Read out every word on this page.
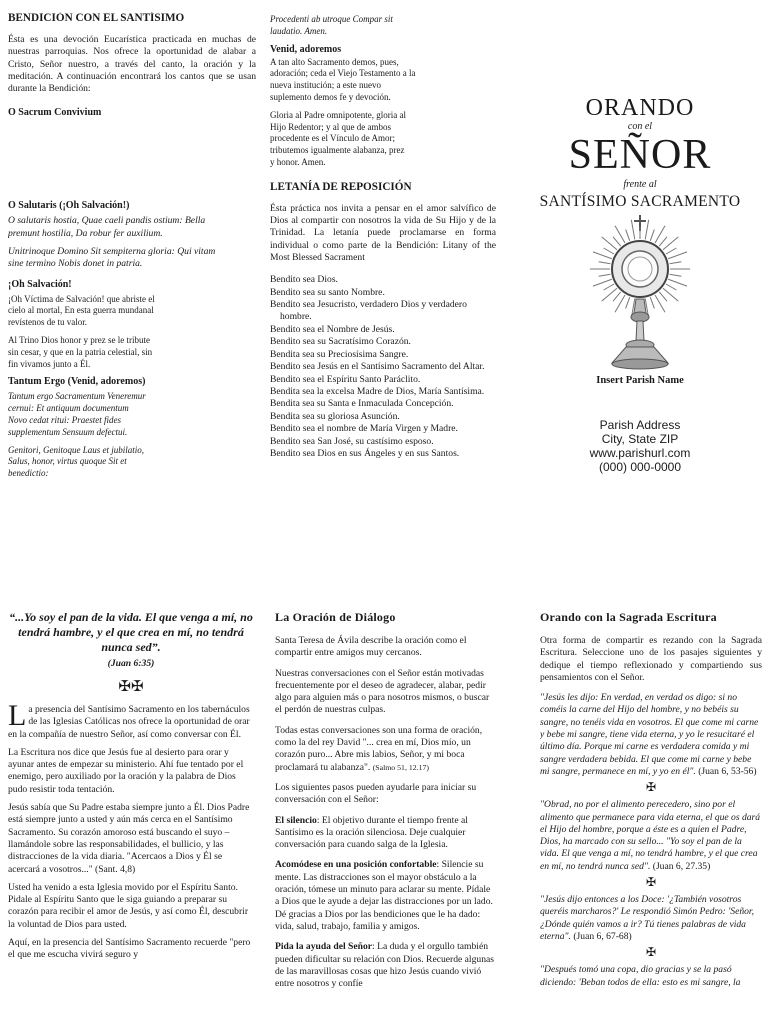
BENDICIÓN CON EL SANTÍSIMO

Ésta es una devoción Eucarística practicada en muchas de nuestras parroquias. Nos ofrece la oportunidad de alabar a Cristo, Señor nuestro, a través del canto, la oración y la meditación. A continuación encontrará los cantos que se usan durante la Bendición:

O Sacrum Convivium
O Salutaris (¡Oh Salvación!)

O salutaris hostia, Quae caeli pandis ostium: Bella premunt hostilia, Da robur fer auxilium.

Unitrinoque Domino Sit sempiterna gloria: Qui vitam sine termino Nobis donet in patria.

¡Oh Salvación!

¡Oh Víctima de Salvación! que abriste el cielo al mortal, En esta guerra mundanal revístenos de tu valor.

Al Trino Dios honor y prez se le tribute sin cesar, y que en la patria celestial, sin fin vivamos junto a Él.

Tantum Ergo (Venid, adoremos)

Tantum ergo Sacramentum Veneremur cernui: Et antiquum documentum Novo cedat ritui: Praestet fides supplementum Sensuum defectui.

Genitori, Genitoque Laus et jubilatio, Salus, honor, virtus quoque Sit et benedictio:

Procedenti ab utroque Compar sit laudatio. Amen.

Venid, adoremos

A tan alto Sacramento demos, pues, adoración; ceda el Viejo Testamento a la nueva institución; a este nuevo suplemento demos fe y devoción.

Gloria al Padre omnipotente, gloria al Hijo Redentor; y al que de ambos procedente es el Vínculo de Amor; tributemos igualmente alabanza, prez y honor. Amen.

LETANÍA DE REPOSICIÓN

Ésta práctica nos invita a pensar en el amor salvífico de Dios al compartir con nosotros la vida de Su Hijo y de la Trinidad. La letanía puede proclamarse en forma individual o como parte de la Bendición: Litany of the Most Blessed Sacrament

Bendito sea Dios.
Bendito sea su santo Nombre.
Bendito sea Jesucristo, verdadero Dios y verdadero hombre.
Bendito sea el Nombre de Jesús.
Bendito sea su Sacratísimo Corazón.
Bendita sea su Preciosísima Sangre.
Bendito sea Jesús en el Santísimo Sacramento del Altar.
Bendito sea el Espíritu Santo Paráclito.
Bendita sea la excelsa Madre de Dios, María Santísima.
Bendita sea su Santa e Inmaculada Concepción.
Bendita sea su gloriosa Asunción.
Bendito sea el nombre de María Virgen y Madre.
Bendito sea San José, su castísimo esposo.
Bendito sea Dios en sus Ángeles y en sus Santos.
ORANDO
con el
SEÑOR
frente al
SANTÍSIMO SACRAMENTO
Insert Parish Name
Parish Address
City, State ZIP
www.parishurl.com
(000) 000-0000
“...Yo soy el pan de la vida. El que venga a mí, no tendrá hambre, y el que crea en mí, no tendrá nunca sed”.
(Juan 6:35)
✠✠

La presencia del Santísimo Sacramento en los tabernáculos de las Iglesias Católicas nos ofrece la oportunidad de orar en la compañía de nuestro Señor, así como conversar con Él.

La Escritura nos dice que Jesús fue al desierto para orar y ayunar antes de empezar su ministerio. Ahí fue tentado por el enemigo, pero auxiliado por la oración y la palabra de Dios pudo resistir toda tentación.

Jesús sabía que Su Padre estaba siempre junto a Él. Dios Padre está siempre junto a usted y aún más cerca en el Santísimo Sacramento. Su corazón amoroso está buscando el suyo – llamándole sobre las responsabilidades, el bullicio, y las distracciones de la vida diaria. "Acercaos a Dios y Él se acercará a vosotros..." (Sant. 4,8)

Usted ha venido a esta Iglesia movido por el Espíritu Santo. Pidale al Espíritu Santo que le siga guiando a preparar su corazón para recibir el amor de Jesús, y así como Él, descubrir la voluntad de Dios para usted.

Aquí, en la presencia del Santísimo Sacramento recuerde "pero el que me escucha vivirá seguro y

La Oración de Diálogo

Santa Teresa de Ávila describe la oración como el compartir entre amigos muy cercanos.

Nuestras conversaciones con el Señor están motivadas frecuentemente por el deseo de agradecer, alabar, pedir algo para alguien más o para nosotros mismos, o buscar el perdón de nuestras culpas.

Todas estas conversaciones son una forma de oración, como la del rey David "... crea en mí, Dios mío, un corazón puro... Abre mis labios, Señor, y mi boca proclamará tu alabanza". (Salmo 51, 12.17)

Los siguientes pasos pueden ayudarle para iniciar su conversación con el Señor:

El silencio: El objetivo durante el tiempo frente al Santísimo es la oración silenciosa. Deje cualquier conversación para cuando salga de la Iglesia.

Acomódese en una posición confortable: Silencie su mente. Las distracciones son el mayor obstáculo a la oración, tómese un minuto para aclarar su mente. Pídale a Dios que le ayude a dejar las distracciones por un lado. Dé gracias a Dios por las bendiciones que le ha dado: vida, salud, trabajo, familia y amigos.

Pida la ayuda del Señor: La duda y el orgullo también pueden dificultar su relación con Dios. Recuerde algunas de las maravillosas cosas que hizo Jesús cuando vivió entre nosotros y confíe

Orando con la Sagrada Escritura

Otra forma de compartir es rezando con la Sagrada Escritura. Seleccione uno de los pasajes siguientes y dedique el tiempo reflexionado y compartiendo sus pensamientos con el Señor.

"Jesús les dijo: En verdad, en verdad os digo: si no coméis la carne del Hijo del hombre, y no bebéis su sangre, no tenéis vida en vosotros. El que come mi carne y bebe mi sangre, tiene vida eterna, y yo le resucitaré el último día. Porque mi carne es verdadera comida y mi sangre verdadera bebida. El que come mi carne y bebe mi sangre, permanece en mí, y yo en él". (Juan 6, 53-56)

✠

"Obrad, no por el alimento perecedero, sino por el alimento que permanece para vida eterna, el que os dará el Hijo del hombre, porque a éste es a quien el Padre, Dios, ha marcado con su sello... "Yo soy el pan de la vida. El que venga a mí, no tendrá hambre, y el que crea en mí, no tendrá nunca sed". (Juan 6, 27.35)

✠

"Jesús dijo entonces a los Doce: '¿También vosotros queréis marcharos?' Le respondió Simón Pedro: 'Señor, ¿Dónde quién vamos a ir? Tú tienes palabras de vida eterna". (Juan 6, 67-68)

✠

"Después tomó una copa, dio gracias y se la pasó diciendo: 'Beban todos de ella: esto es mi sangre, la
